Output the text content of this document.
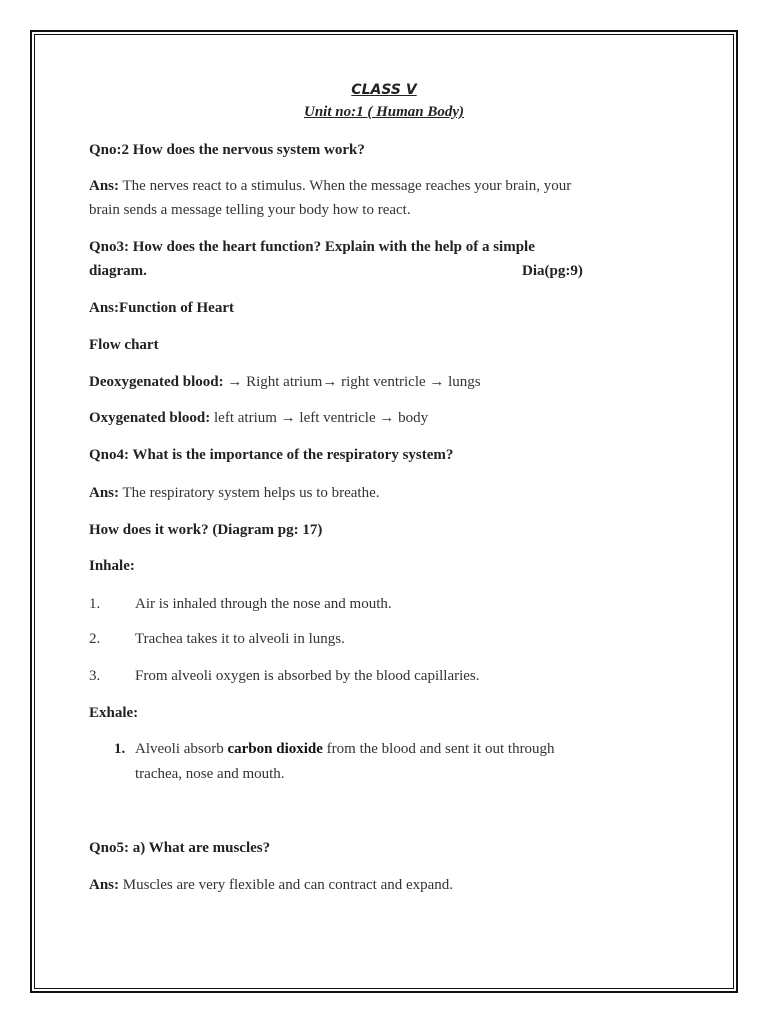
CLASS V
Unit no:1 ( Human Body)
Qno:2 How does the nervous system work?
Ans: The nerves react to a stimulus. When the message reaches your brain, your
brain sends a message telling your body how to react.
Qno3: How does the heart function? Explain with the help of a simple
diagram.	Dia(pg:9)
Ans:Function of Heart
Flow chart
Deoxygenated blood: → Right atrium→ right ventricle → lungs
Oxygenated blood: left atrium → left ventricle → body
Qno4: What is the importance of the respiratory system?
Ans: The respiratory system helps us to breathe.
How does it work? (Diagram pg: 17)
Inhale:
1. Air is inhaled through the nose and mouth.
2. Trachea takes it to alveoli in lungs.
3. From alveoli oxygen is absorbed by the blood capillaries.
Exhale:
1. Alveoli absorb carbon dioxide from the blood and sent it out through
trachea, nose and mouth.
Qno5: a) What are muscles?
Ans: Muscles are very flexible and can contract and expand.
